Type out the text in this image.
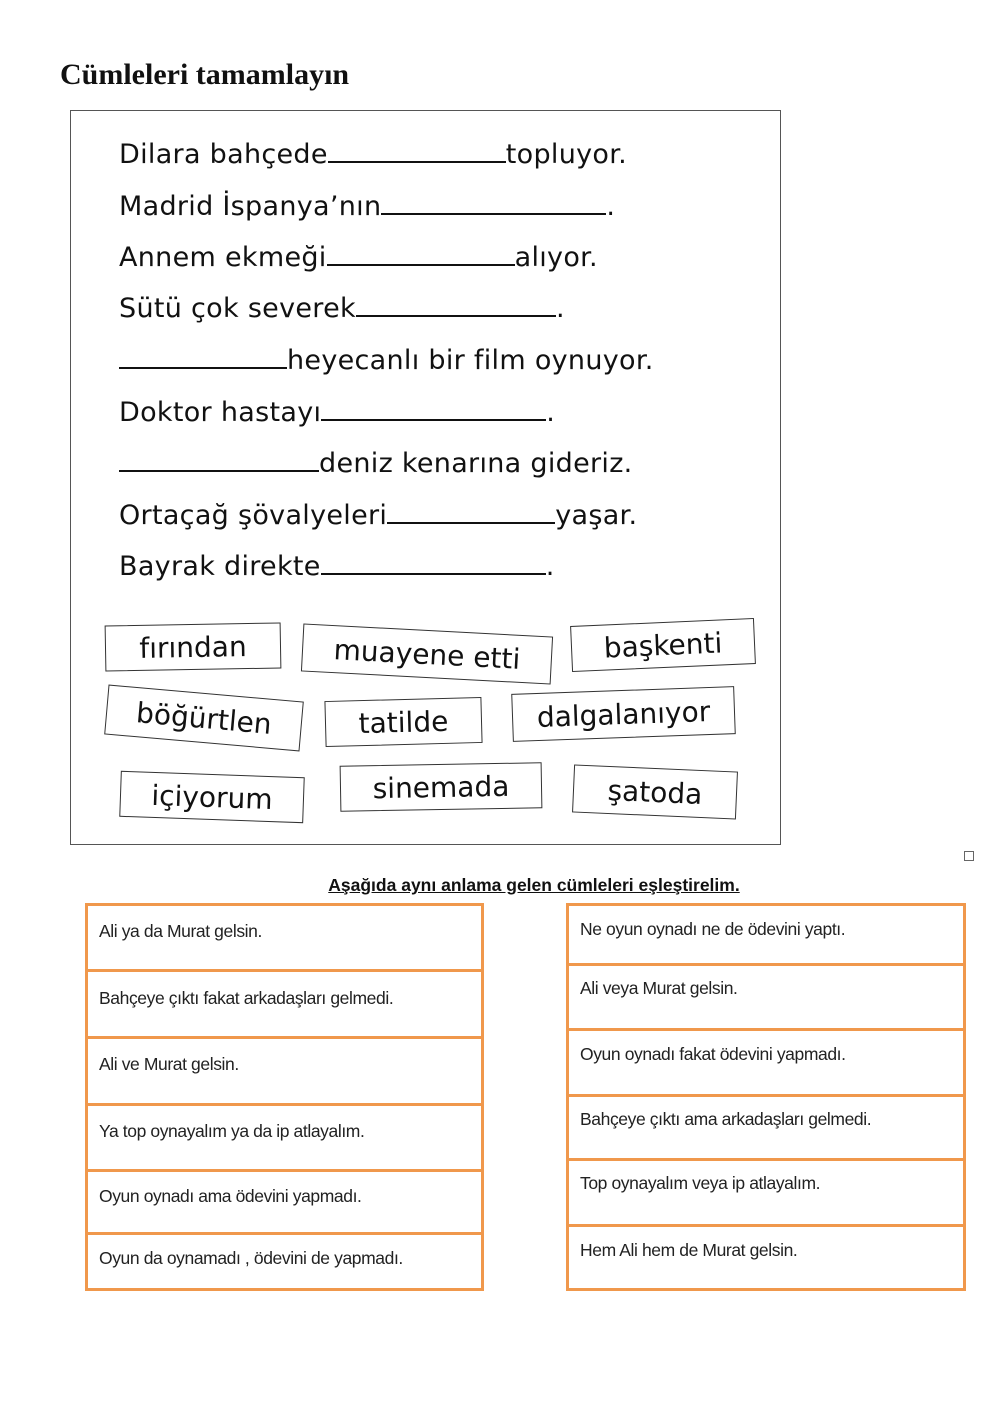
Cümleleri tamamlayın
Dilara bahçede	topluyor.
Madrid İspanya’nın	.
Annem ekmeği	alıyor.
Sütü çok severek	.
heyecanlı bir film oynuyor.
Doktor hastayı	.
deniz kenarına gideriz.
Ortaçağ şövalyeleri	yaşar.
Bayrak direkte	.
fırından	muayene etti	başkenti
böğürtlen	tatilde	dalgalanıyor
içiyorum	sinemada	şatoda
Aşağıda aynı anlama gelen cümleleri eşleştirelim.
Ali ya da Murat gelsin.
Bahçeye çıktı fakat arkadaşları gelmedi.
Ali ve Murat gelsin.
Ya top oynayalım ya da ip atlayalım.
Oyun oynadı ama ödevini yapmadı.
Oyun da oynamadı , ödevini de yapmadı.
Ne oyun oynadı ne de ödevini yaptı.
Ali veya Murat gelsin.
Oyun oynadı fakat ödevini yapmadı.
Bahçeye çıktı ama arkadaşları gelmedi.
Top oynayalım veya ip atlayalım.
Hem Ali hem de Murat gelsin.
